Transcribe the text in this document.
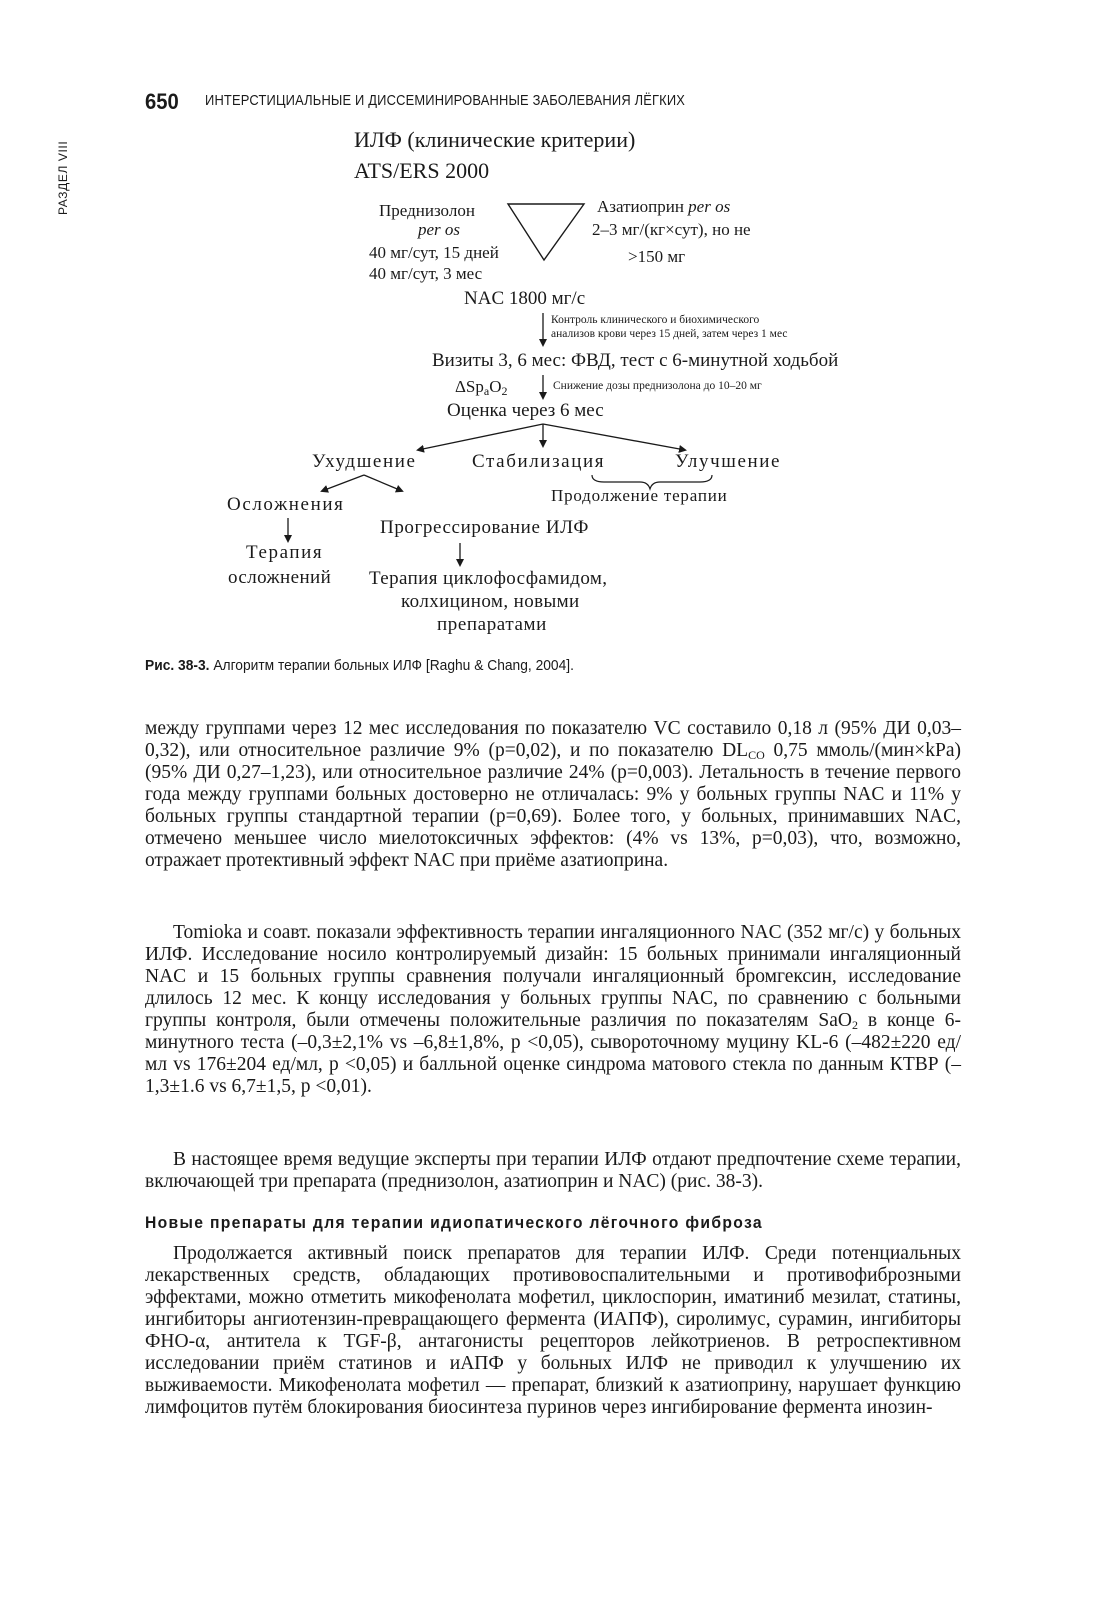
650 ИНТЕРСТИЦИАЛЬНЫЕ И ДИССЕМИНИРОВАННЫЕ ЗАБОЛЕВАНИЯ ЛЁГКИХ
РАЗДЕЛ VIII
ИЛФ (клинические критерии)
ATS/ERS 2000
Преднизолон
per os
40 мг/сут, 15 дней
40 мг/сут, 3 мес
Азатиоприн per os
2–3 мг/(кг×сут), но не
>150 мг
NAC 1800 мг/с
Контроль клинического и биохимического
анализов крови через 15 дней, затем через 1 мес
Визиты 3, 6 мес: ФВД, тест с 6-минутной ходьбой
$\Delta Sp_aO_2$	Снижение дозы преднизолона до 10–20 мг
Оценка через 6 мес
Ухудшение	Стабилизация	Улучшение
Продолжение терапии
Осложнения
Прогрессирование ИЛФ
Терапия
осложнений Терапия циклофосфамидом,
колхицином, новыми
препаратами
Рис. 38-3. Алгоритм терапии больных ИЛФ [Raghu & Chang, 2004].
между группами через 12 мес исследования по показателю VC составило 0,18 л (95% ДИ 0,03–0,32), или относительное различие 9% (p=0,02), и по показателю $DL_{CO}$ 0,75 ммоль/(мин×kPa) (95% ДИ 0,27–1,23), или относительное различие 24% (p=0,003). Летальность в течение первого года между группами больных достоверно не отличалась: 9% у больных группы NAC и 11% у больных группы стандартной терапии (p=0,69). Более того, у больных, принимавших NAC, отмечено меньшее число миелотоксичных эффектов: (4% vs 13%, p=0,03), что, возможно, отражает протективный эффект NAC при приёме азатиоприна.
Tomioka и соавт. показали эффективность терапии ингаляционного NAC (352 мг/с) у больных ИЛФ. Исследование носило контролируемый дизайн: 15 больных принимали ингаляционный NAC и 15 больных группы сравнения получали ингаляционный бромгексин, исследование длилось 12 мес. К концу исследования у больных группы NAC, по сравнению с больными группы контроля, были отмечены положительные различия по показателям SaO$_2$ в конце 6-минутного теста (–0,3±2,1% vs –6,8±1,8%, p <0,05), сывороточному муцину KL-6 (–482±220 ед/мл vs 176±204 ед/мл, p <0,05) и балльной оценке синдрома матового стекла по данным КТВР (–1,3±1.6 vs 6,7±1,5, p <0,01).
В настоящее время ведущие эксперты при терапии ИЛФ отдают предпочтение схеме терапии, включающей три препарата (преднизолон, азатиоприн и NAC) (рис. 38-3).
Новые препараты для терапии идиопатического лёгочного фиброза
Продолжается активный поиск препаратов для терапии ИЛФ. Среди потенциальных лекарственных средств, обладающих противовоспалительными и противофиброзными эффектами, можно отметить микофенолата мофетил, циклоспорин, иматиниб мезилат, статины, ингибиторы ангиотензин-превращающего фермента (ИАПФ), сиролимус, сурамин, ингибиторы ФНО-α, антитела к TGF-β, антагонисты рецепторов лейкотриенов. В ретроспективном исследовании приём статинов и иАПФ у больных ИЛФ не приводил к улучшению их выживаемости. Микофенолата мофетил — препарат, близкий к азатиоприну, нарушает функцию лимфоцитов путём блокирования биосинтеза пуринов через ингибирование фермента инозин-
